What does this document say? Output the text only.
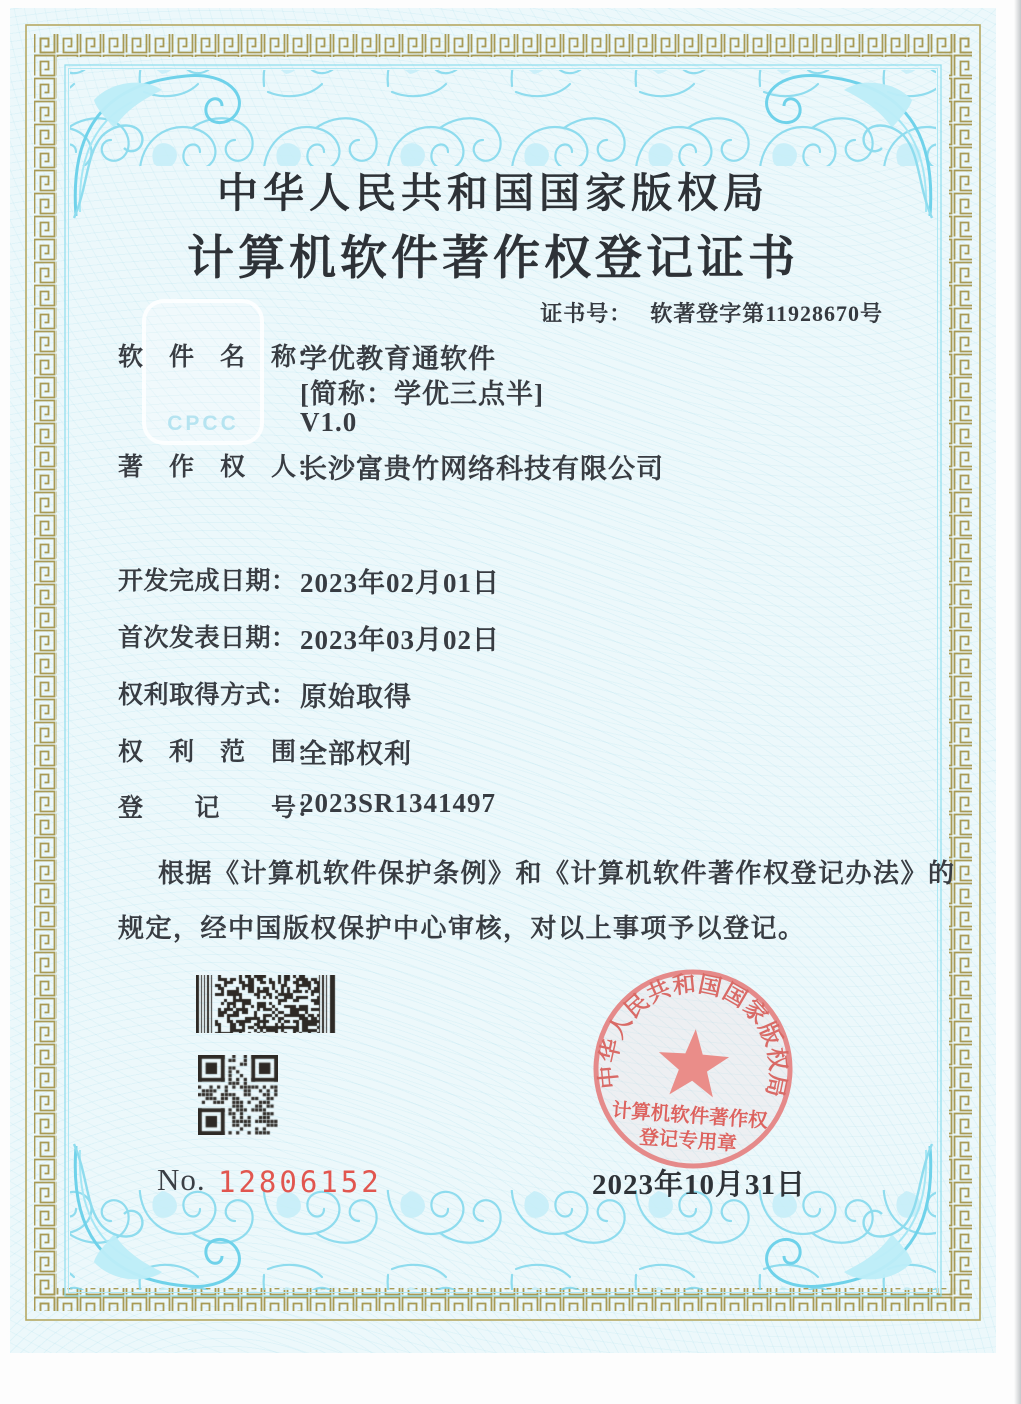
CPCC
中华人民共和国国家版权局
计算机软件著作权登记证书
证书号： 软著登字第11928670号
软　件　名　称：
学优教育通软件
[简称：学优三点半]
V1.0
著　作　权　人：
长沙富贵竹网络科技有限公司
开发完成日期： 2023年02月01日
首次发表日期： 2023年03月02日
权利取得方式： 原始取得
权　利　范　围：
全部权利
登　　记　　号：
2023SR1341497
根据《计算机软件保护条例》和《计算机软件著作权登记办法》的
规定，经中国版权保护中心审核，对以上事项予以登记。
No. 12806152
中华人民共和国国家版权局
计算机软件著作权
登记专用章
2023年10月31日
